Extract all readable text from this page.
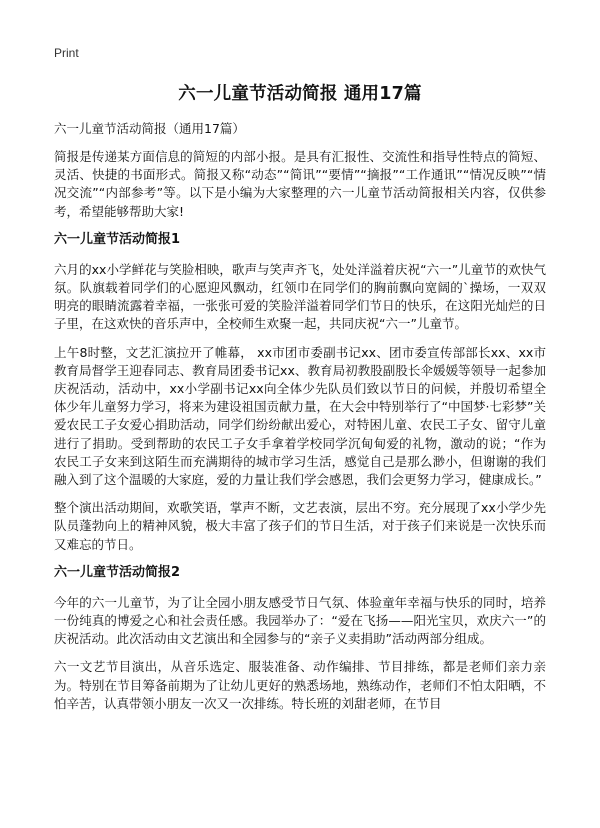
Print
六一儿童节活动简报 通用17篇
六一儿童节活动简报（通用17篇）

简报是传递某方面信息的简短的内部小报。是具有汇报性、交流性和指导性特点的简短、灵活、快捷的书面形式。简报又称“动态”“简讯”“要情”“摘报”“工作通讯”“情况反映”“情况交流”“内部参考”等。以下是小编为大家整理的六一儿童节活动简报相关内容，仅供参考，希望能够帮助大家!

六一儿童节活动简报1

六月的xx小学鲜花与笑脸相映，歌声与笑声齐飞，处处洋溢着庆祝“六一”儿童节的欢快气氛。队旗载着同学们的心愿迎风飘动，红领巾在同学们的胸前飘向宽阔的`操场，一双双明亮的眼睛流露着幸福，一张张可爱的笑脸洋溢着同学们节日的快乐，在这阳光灿烂的日子里，在这欢快的音乐声中，全校师生欢聚一起，共同庆祝“六一”儿童节。

上午8时整，文艺汇演拉开了帷幕， xx市团市委副书记xx、团市委宣传部部长xx、xx市教育局督学王迎春同志、教育局团委书记xx、教育局初教股副股长伞媛媛等领导一起参加庆祝活动，活动中，xx小学副书记xx向全体少先队员们致以节日的问候，并殷切希望全体少年儿童努力学习，将来为建设祖国贡献力量，在大会中特别举行了“中国梦·七彩梦”关爱农民工子女爱心捐助活动，同学们纷纷献出爱心，对特困儿童、农民工子女、留守儿童进行了捐助。受到帮助的农民工子女手拿着学校同学沉甸甸爱的礼物，激动的说；“作为农民工子女来到这陌生而充满期待的城市学习生活，感觉自己是那么渺小，但谢谢的我们融入到了这个温暖的大家庭，爱的力量让我们学会感恩，我们会更努力学习，健康成长。”

整个演出活动期间，欢歌笑语，掌声不断，文艺表演，层出不穷。充分展现了xx小学少先队员蓬勃向上的精神风貌，极大丰富了孩子们的节日生活，对于孩子们来说是一次快乐而又难忘的节日。

六一儿童节活动简报2

今年的六一儿童节，为了让全园小朋友感受节日气氛、体验童年幸福与快乐的同时，培养一份纯真的博爱之心和社会责任感。我园举办了：“爱在飞扬——阳光宝贝，欢庆六一”的庆祝活动。此次活动由文艺演出和全园参与的“亲子义卖捐助”活动两部分组成。

六一文艺节目演出，从音乐选定、服装准备、动作编排、节目排练，都是老师们亲力亲为。特别在节目筹备前期为了让幼儿更好的熟悉场地，熟练动作，老师们不怕太阳晒，不怕辛苦，认真带领小朋友一次又一次排练。特长班的刘甜老师，在节目
